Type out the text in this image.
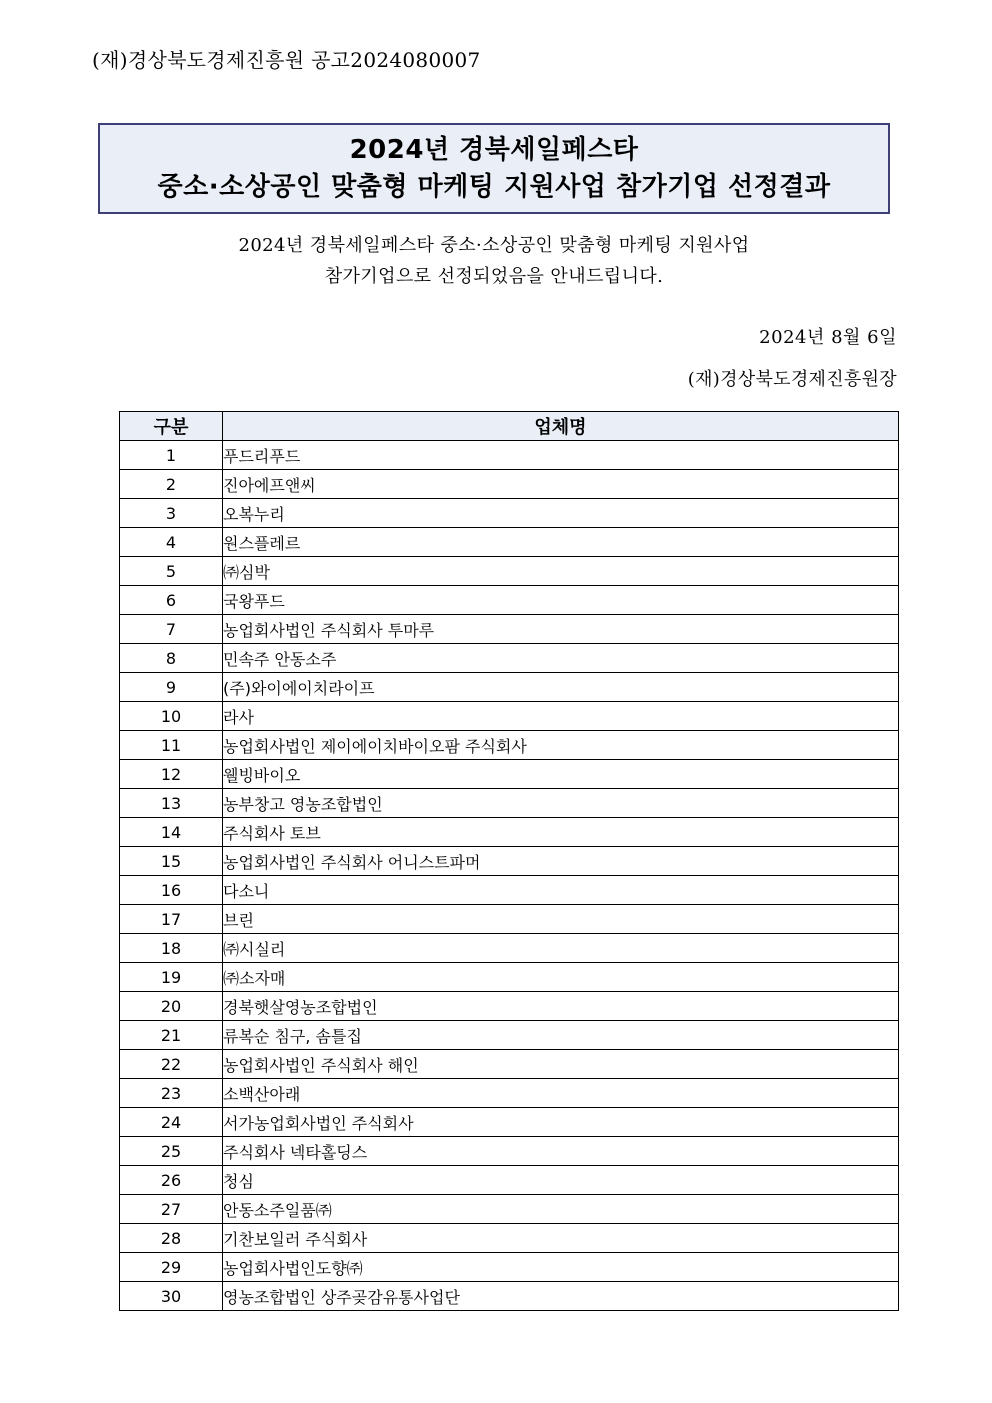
(재)경상북도경제진흥원 공고2024080007
2024년 경북세일페스타
중소·소상공인 맞춤형 마케팅 지원사업 참가기업 선정결과
2024년 경북세일페스타 중소·소상공인 맞춤형 마케팅 지원사업
참가기업으로 선정되었음을 안내드립니다.
2024년 8월 6일
(재)경상북도경제진흥원장
구분	업체명
1	푸드리푸드
2	진아에프앤씨
3	오복누리
4	원스플레르
5	㈜심박
6	국왕푸드
7	농업회사법인 주식회사 투마루
8	민속주 안동소주
9	(주)와이에이치라이프
10	라사
11	농업회사법인 제이에이치바이오팜 주식회사
12	웰빙바이오
13	농부창고 영농조합법인
14	주식회사 토브
15	농업회사법인 주식회사 어니스트파머
16	다소니
17	브린
18	㈜시실리
19	㈜소자매
20	경북햇살영농조합법인
21	류복순 침구, 솜틀집
22	농업회사법인 주식회사 해인
23	소백산아래
24	서가농업회사법인 주식회사
25	주식회사 넥타홀딩스
26	청심
27	안동소주일품㈜
28	기찬보일러 주식회사
29	농업회사법인도향㈜
30	영농조합법인 상주곶감유통사업단
